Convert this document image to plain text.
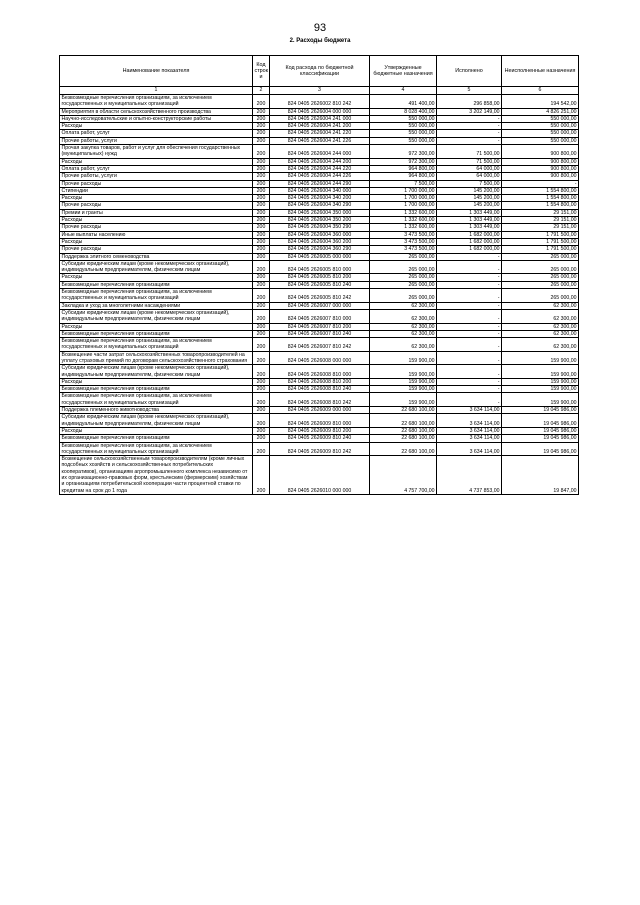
93
2. Расходы бюджета
Наименование показателя	Код строк и	Код расхода по бюджетной классификации	Утвержденные бюджетные назначения	Исполнено	Неисполненные назначения
1	2	3	4	5	6
Безвозмездные перечисления организациям, за исключением государственных и муниципальных организаций	200	824 0405 2626002 810 242	491 400,00	296 858,00	194 542,00
Мероприятия в области сельскохозяйственного производства	200	824 0405 2626004 000 000	8 028 400,00	3 202 149,00	4 826 251,00
Научно-исследовательские и опытно-конструкторские работы	200	824 0405 2626004 241 000	550 000,00	-	550 000,00
Расходы	200	824 0405 2626004 241 200	550 000,00	-	550 000,00
Оплата работ, услуг	200	824 0405 2626004 241 220	550 000,00	-	550 000,00
Прочие работы, услуги	200	824 0405 2626004 241 226	550 000,00	-	550 000,00
Прочая закупка товаров, работ и услуг для обеспечения государственных (муниципальных) нужд	200	824 0405 2626004 244 000	972 300,00	71 500,00	900 800,00
Расходы	200	824 0405 2626004 244 200	972 300,00	71 500,00	900 800,00
Оплата работ, услуг	200	824 0405 2626004 244 220	964 800,00	64 000,00	900 800,00
Прочие работы, услуги	200	824 0405 2626004 244 226	964 800,00	64 000,00	900 800,00
Прочие расходы	200	824 0405 2626004 244 290	7 500,00	7 500,00	-
Стипендии	200	824 0405 2626004 340 000	1 700 000,00	145 200,00	1 554 800,00
Расходы	200	824 0405 2626004 340 200	1 700 000,00	145 200,00	1 554 800,00
Прочие расходы	200	824 0405 2626004 340 290	1 700 000,00	145 200,00	1 554 800,00
Премии и гранты	200	824 0405 2626004 350 000	1 332 600,00	1 303 449,00	29 151,00
Расходы	200	824 0405 2626004 350 200	1 332 600,00	1 303 449,00	29 151,00
Прочие расходы	200	824 0405 2626004 350 290	1 332 600,00	1 303 449,00	29 151,00
Иные выплаты населению	200	824 0405 2626004 360 000	3 473 500,00	1 682 000,00	1 791 500,00
Расходы	200	824 0405 2626004 360 200	3 473 500,00	1 682 000,00	1 791 500,00
Прочие расходы	200	824 0405 2626004 360 290	3 473 500,00	1 682 000,00	1 791 500,00
Поддержка элитного семеноводства	200	824 0405 2626005 000 000	265 000,00	-	265 000,00
Субсидии юридическим лицам (кроме некоммерческих организаций), индивидуальным предпринимателям, физическим лицам	200	824 0405 2626005 810 000	265 000,00	-	265 000,00
Расходы	200	824 0405 2626005 810 200	265 000,00	-	265 000,00
Безвозмездные перечисления организациям	200	824 0405 2626005 810 240	265 000,00	-	265 000,00
Безвозмездные перечисления организациям, за исключением государственных и муниципальных организаций	200	824 0405 2626005 810 242	265 000,00	-	265 000,00
Закладка и уход за многолетними насаждениями	200	824 0405 2626007 000 000	62 300,00	-	62 300,00
Субсидии юридическим лицам (кроме некоммерческих организаций), индивидуальным предпринимателям, физическим лицам	200	824 0405 2626007 810 000	62 300,00	-	62 300,00
Расходы	200	824 0405 2626007 810 200	62 300,00	-	62 300,00
Безвозмездные перечисления организациям	200	824 0405 2626007 810 240	62 300,00	-	62 300,00
Безвозмездные перечисления организациям, за исключением государственных и муниципальных организаций	200	824 0405 2626007 810 242	62 300,00	-	62 300,00
Возмещение части затрат сельскохозяйственных товаропроизводителей на уплату страховых премий по договорам сельскохозяйственного страхования	200	824 0405 2626008 000 000	159 900,00	-	159 900,00
Субсидии юридическим лицам (кроме некоммерческих организаций), индивидуальным предпринимателям, физическим лицам	200	824 0405 2626008 810 000	159 900,00	-	159 900,00
Расходы	200	824 0405 2626008 810 200	159 900,00	-	159 900,00
Безвозмездные перечисления организациям	200	824 0405 2626008 810 240	159 900,00	-	159 900,00
Безвозмездные перечисления организациям, за исключением государственных и муниципальных организаций	200	824 0405 2626008 810 242	159 900,00	-	159 900,00
Поддержка племенного животноводства	200	824 0405 2626009 000 000	22 680 100,00	3 634 114,00	19 045 986,00
Субсидии юридическим лицам (кроме некоммерческих организаций), индивидуальным предпринимателям, физическим лицам	200	824 0405 2626009 810 000	22 680 100,00	3 634 114,00	19 045 986,00
Расходы	200	824 0405 2626009 810 200	22 680 100,00	3 634 114,00	19 045 986,00
Безвозмездные перечисления организациям	200	824 0405 2626009 810 240	22 680 100,00	3 634 114,00	19 045 986,00
Безвозмездные перечисления организациям, за исключением государственных и муниципальных организаций	200	824 0405 2626009 810 242	22 680 100,00	3 634 114,00	19 045 986,00
Возмещение сельскохозяйственным товаропроизводителям (кроме личных подсобных хозяйств и сельскохозяйственных потребительских кооперативов), организациям агропромышленного комплекса независимо от их организационно-правовых форм, крестьянским (фермерским) хозяйствам и организациям потребительской кооперации части процентной ставки по кредитам на срок до 1 года	200	824 0405 2626010 000 000	4 757 700,00	4 737 853,00	19 847,00
